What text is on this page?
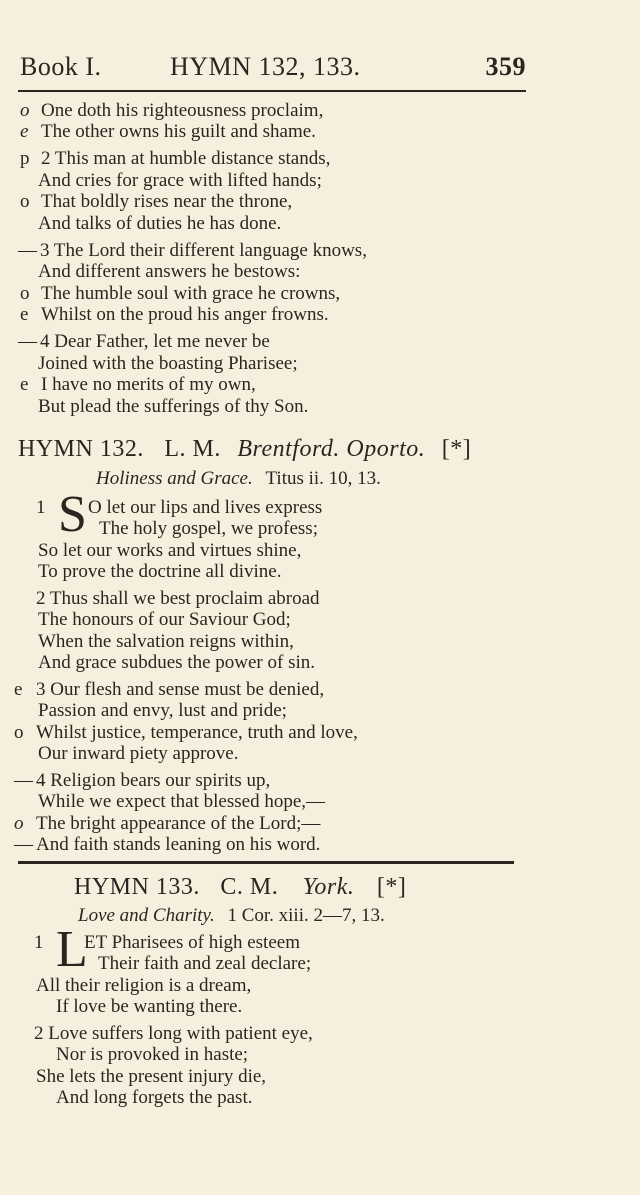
Book I.	HYMN 132, 133.	359
o One doth his righteousness proclaim,
e The other owns his guilt and shame.
p 2 This man at humble distance stands,
And cries for grace with lifted hands;
o That boldly rises near the throne,
And talks of duties he has done.
— 3 The Lord their different language knows,
And different answers he bestows:
o The humble soul with grace he crowns,
e Whilst on the proud his anger frowns.
— 4 Dear Father, let me never be
Joined with the boasting Pharisee;
e I have no merits of my own,
But plead the sufferings of thy Son.
HYMN 132. L. M. Brentford. Oporto. [*]
Holiness and Grace. Titus ii. 10, 13.
1 S O let our lips and lives express
The holy gospel, we profess;
So let our works and virtues shine,
To prove the doctrine all divine.
2 Thus shall we best proclaim abroad
The honours of our Saviour God;
When the salvation reigns within,
And grace subdues the power of sin.
e 3 Our flesh and sense must be denied,
Passion and envy, lust and pride;
o Whilst justice, temperance, truth and love,
Our inward piety approve.
— 4 Religion bears our spirits up,
While we expect that blessed hope,—
o The bright appearance of the Lord;—
— And faith stands leaning on his word.
HYMN 133. C. M. York. [*]
Love and Charity. 1 Cor. xiii. 2—7, 13.
1 L
ET Pharisees of high esteem
Their faith and zeal declare;
All their religion is a dream,
If love be wanting there.
2 Love suffers long with patient eye,
Nor is provoked in haste;
She lets the present injury die,
And long forgets the past.
